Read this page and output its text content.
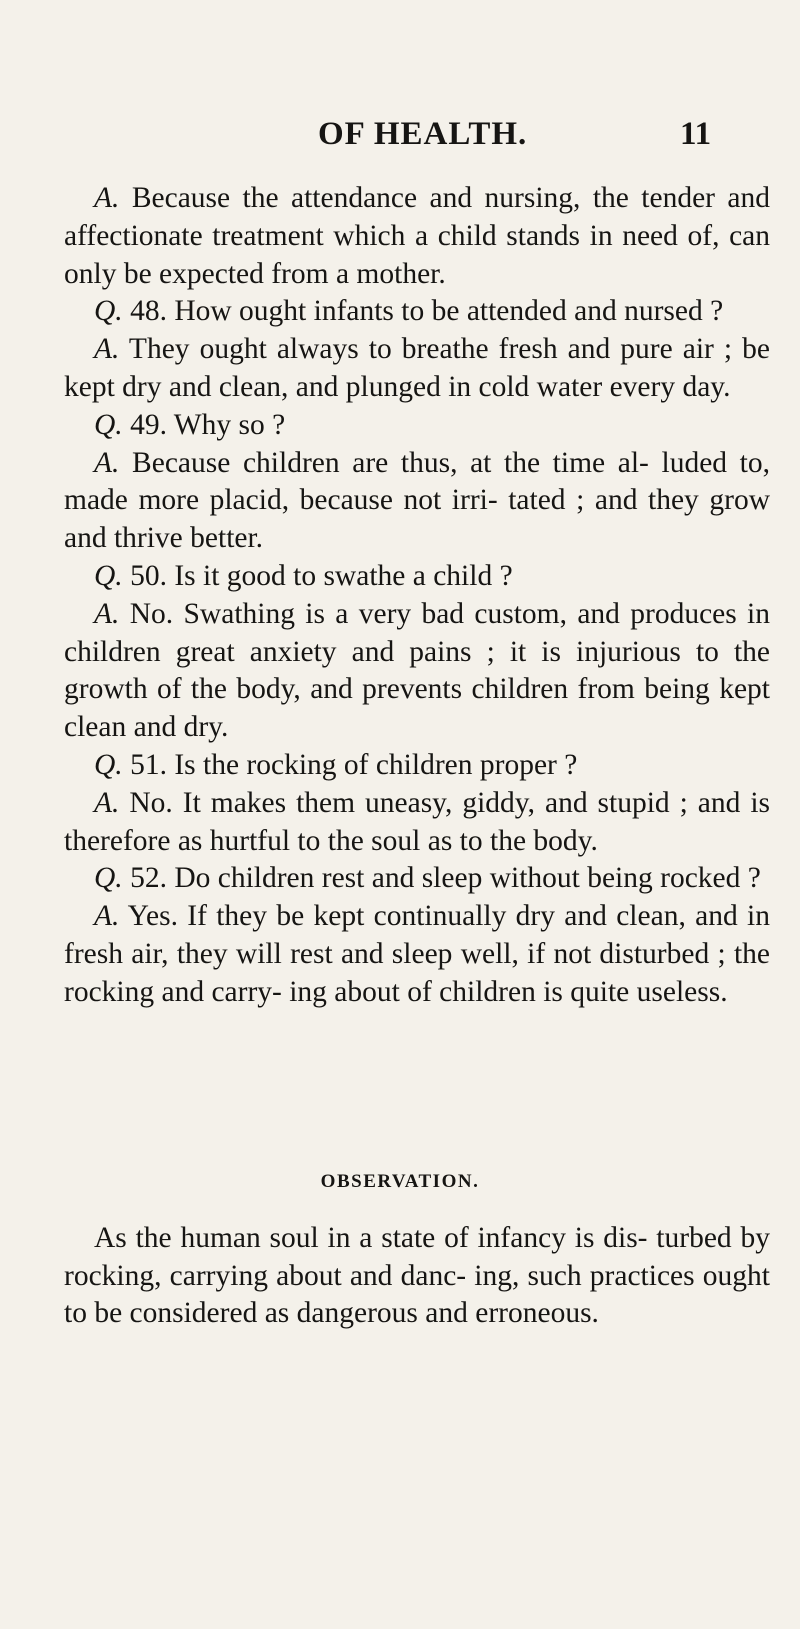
OF HEALTH.	11

A. Because the attendance and nursing, the tender and affectionate treatment which a child stands in need of, can only be expected from a mother.

Q. 48. How ought infants to be attended and nursed ?

A. They ought always to breathe fresh and pure air ; be kept dry and clean, and plunged in cold water every day.

Q. 49. Why so ?

A. Because children are thus, at the time al- luded to, made more placid, because not irri- tated ; and they grow and thrive better.

Q. 50. Is it good to swathe a child ?

A. No. Swathing is a very bad custom, and produces in children great anxiety and pains ; it is injurious to the growth of the body, and prevents children from being kept clean and dry.

Q. 51. Is the rocking of children proper ?

A. No. It makes them uneasy, giddy, and stupid ; and is therefore as hurtful to the soul as to the body.

Q. 52. Do children rest and sleep without being rocked ?

A. Yes. If they be kept continually dry and clean, and in fresh air, they will rest and sleep well, if not disturbed ; the rocking and carry- ing about of children is quite useless.

OBSERVATION.

As the human soul in a state of infancy is dis- turbed by rocking, carrying about and danc- ing, such practices ought to be considered as dangerous and erroneous.
